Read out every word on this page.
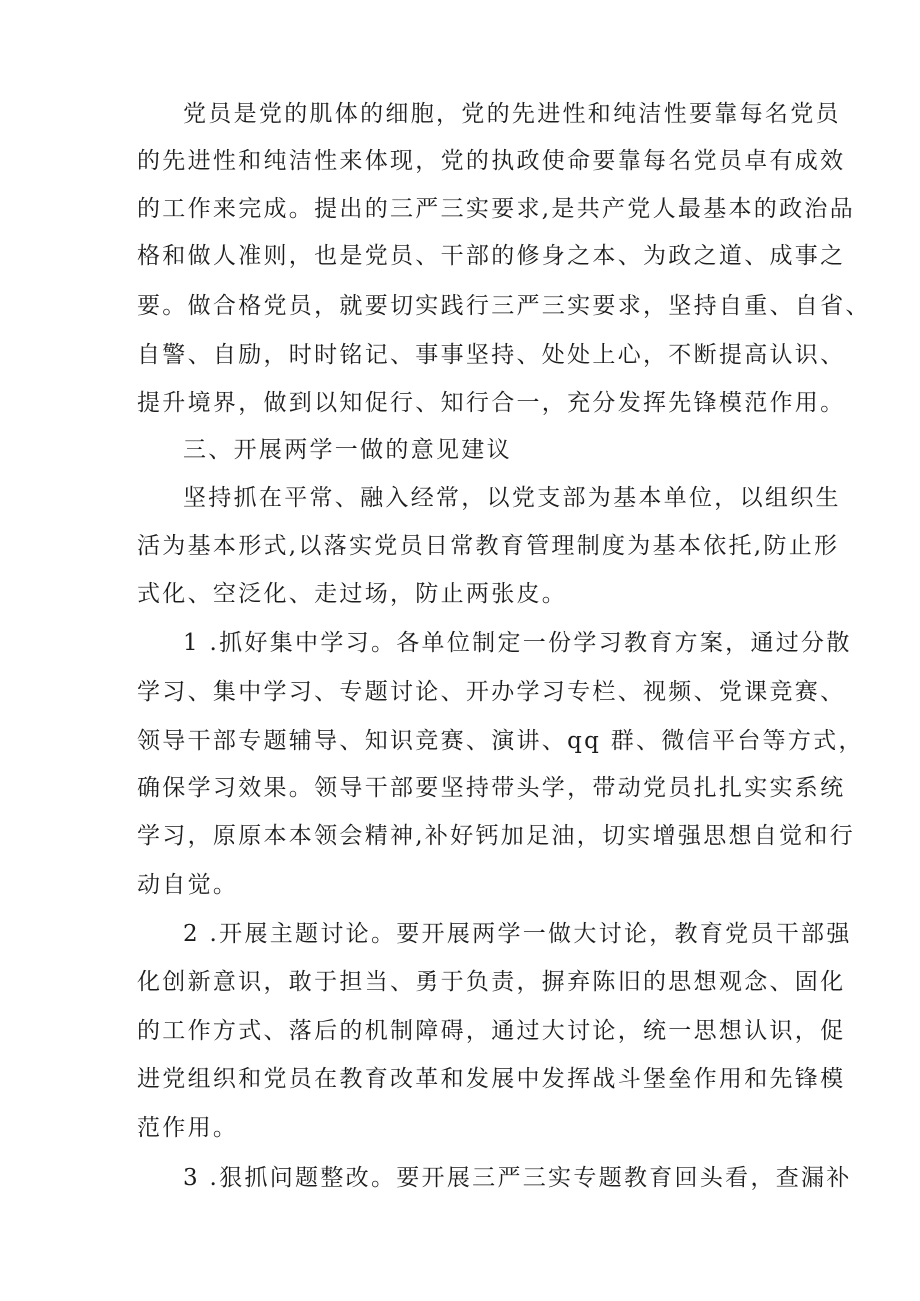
党员是党的肌体的细胞，党的先进性和纯洁性要靠每名党员

的先进性和纯洁性来体现，党的执政使命要靠每名党员卓有成效

的工作来完成。提出的三严三实要求,是共产党人最基本的政治品

格和做人准则，也是党员、干部的修身之本、为政之道、成事之

要。做合格党员，就要切实践行三严三实要求，坚持自重、自省、

自警、自励，时时铭记、事事坚持、处处上心，不断提高认识、

提升境界，做到以知促行、知行合一，充分发挥先锋模范作用。

三、开展两学一做的意见建议

坚持抓在平常、融入经常，以党支部为基本单位，以组织生

活为基本形式,以落实党员日常教育管理制度为基本依托,防止形

式化、空泛化、走过场，防止两张皮。

1 .抓好集中学习。各单位制定一份学习教育方案，通过分散

学习、集中学习、专题讨论、开办学习专栏、视频、党课竞赛、

领导干部专题辅导、知识竞赛、演讲、qq 群、微信平台等方式，

确保学习效果。领导干部要坚持带头学，带动党员扎扎实实系统

学习，原原本本领会精神,补好钙加足油，切实增强思想自觉和行

动自觉。

2 .开展主题讨论。要开展两学一做大讨论，教育党员干部强

化创新意识，敢于担当、勇于负责，摒弃陈旧的思想观念、固化

的工作方式、落后的机制障碍，通过大讨论，统一思想认识，促

进党组织和党员在教育改革和发展中发挥战斗堡垒作用和先锋模

范作用。

3 .狠抓问题整改。要开展三严三实专题教育回头看，查漏补
